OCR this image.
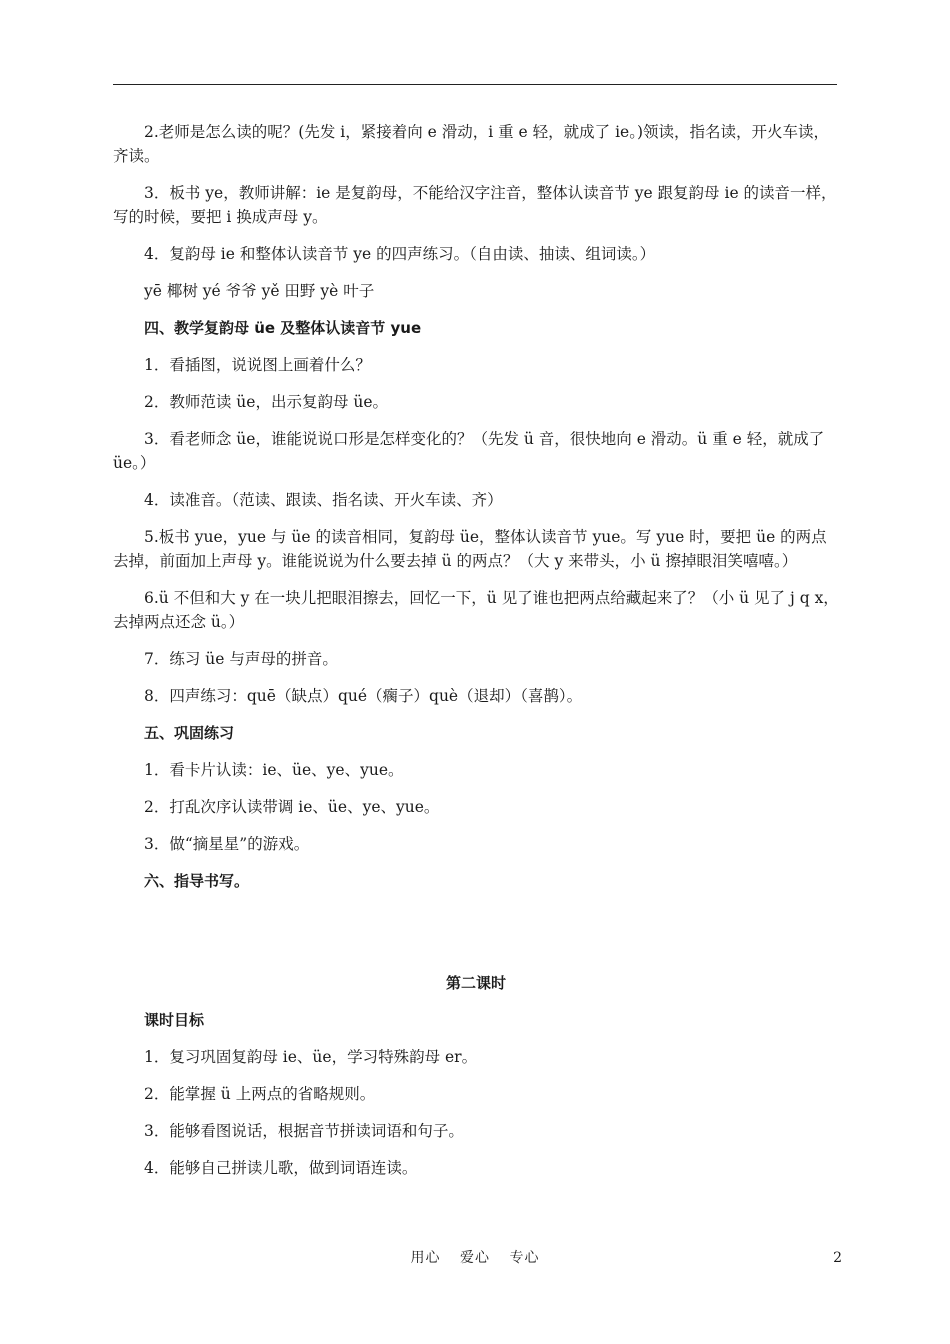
2.老师是怎么读的呢？(先发 i，紧接着向 e 滑动，i 重 e 轻，就成了 ie。)领读，指名读，开火车读，齐读。

3．板书 ye，教师讲解：ie 是复韵母，不能给汉字注音，整体认读音节 ye 跟复韵母 ie 的读音一样，写的时候，要把 i 换成声母 y。

4．复韵母 ie 和整体认读音节 ye 的四声练习。（自由读、抽读、组词读。）

yē 椰树 yé 爷爷 yě 田野 yè 叶子

四、教学复韵母 üe 及整体认读音节 yue

1．看插图，说说图上画着什么？

2．教师范读 üe，出示复韵母 üe。

3．看老师念 üe，谁能说说口形是怎样变化的？（先发 ü 音，很快地向 e 滑动。ü 重 e 轻，就成了 üe。）

4．读准音。（范读、跟读、指名读、开火车读、齐）

5.板书 yue，yue 与 üe 的读音相同，复韵母 üe，整体认读音节 yue。写 yue 时，要把 üe 的两点去掉，前面加上声母 y。谁能说说为什么要去掉 ü 的两点？（大 y 来带头，小 ü 擦掉眼泪笑嘻嘻。）

6.ü 不但和大 y 在一块儿把眼泪擦去，回忆一下，ü 见了谁也把两点给藏起来了？（小 ü 见了 j q x，去掉两点还念 ü。）

7．练习 üe 与声母的拼音。

8．四声练习：quē（缺点）qué（瘸子）què（退却）（喜鹊）。

五、巩固练习

1．看卡片认读：ie、üe、ye、yue。

2．打乱次序认读带调 ie、üe、ye、yue。

3．做“摘星星”的游戏。

六、指导书写。

第二课时

课时目标

1．复习巩固复韵母 ie、üe，学习特殊韵母 er。

2．能掌握 ü 上两点的省略规则。

3．能够看图说话，根据音节拼读词语和句子。

4．能够自己拼读儿歌，做到词语连读。

用心 爱心 专心	2
